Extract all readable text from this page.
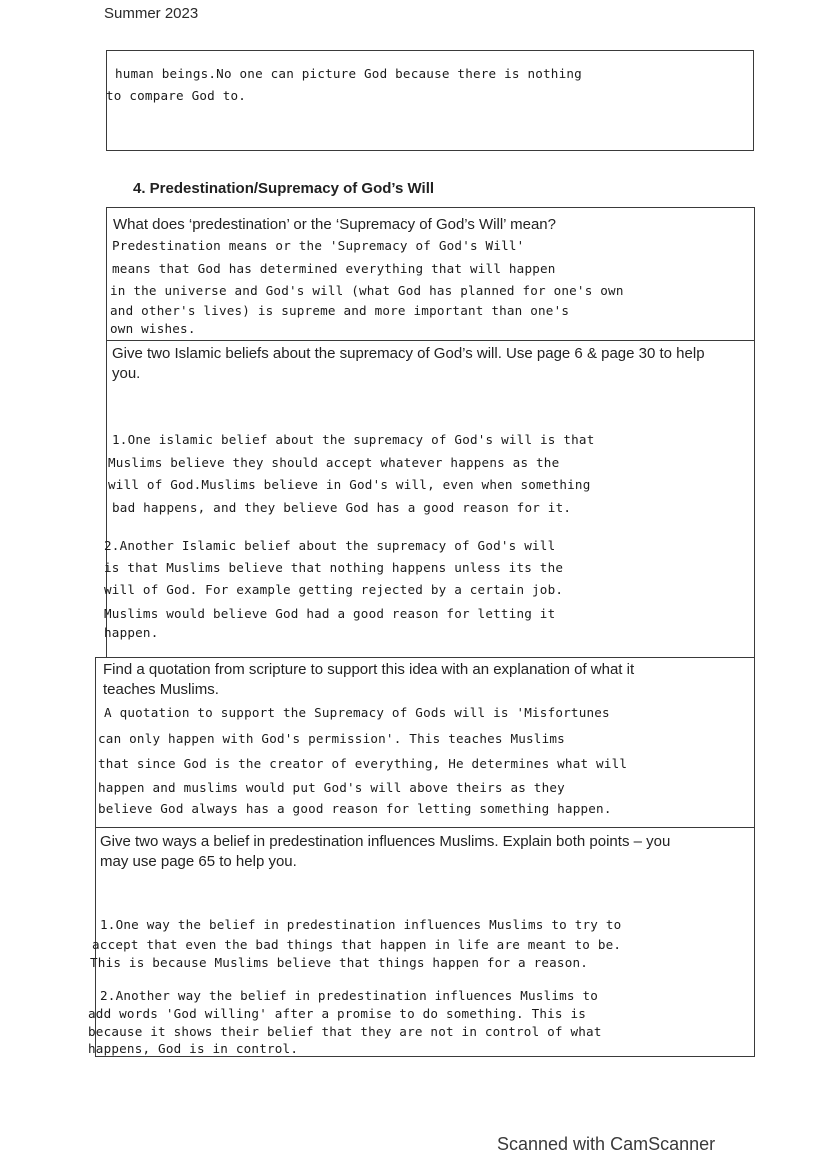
Summer 2023
human beings.No one can picture God because there is nothing
to compare God to.
4. Predestination/Supremacy of God’s Will
What does ‘predestination’ or the ‘Supremacy of God’s Will’ mean?
Predestination means or the 'Supremacy of God's Will'
means that God has determined everything that will happen
in the universe and God's will (what God has planned for one's own
and other's lives) is supreme and more important than one's
own wishes.
Give two Islamic beliefs about the supremacy of God’s will. Use page 6 & page 30 to help
you.
1.One islamic belief about the supremacy of God's will is that
Muslims believe they should accept whatever happens as the
will of God.Muslims believe in God's will, even when something
bad happens, and they believe God has a good reason for it.
2.Another Islamic belief about the supremacy of God's will
is that Muslims believe that nothing happens unless its the
will of God. For example getting rejected by a certain job.
Muslims would believe God had a good reason for letting it
happen.
Find a quotation from scripture to support this idea with an explanation of what it
teaches Muslims.
A quotation to support the Supremacy of Gods will is 'Misfortunes
can only happen with God's permission'. This teaches Muslims
that since God is the creator of everything, He determines what will
happen and muslims would put God's will above theirs as they
believe God always has a good reason for letting something happen.
Give two ways a belief in predestination influences Muslims. Explain both points – you
may use page 65 to help you.
1.One way the belief in predestination influences Muslims to try to
accept that even the bad things that happen in life are meant to be.
This is because Muslims believe that things happen for a reason.
2.Another way the belief in predestination influences Muslims to
add words 'God willing' after a promise to do something. This is
because it shows their belief that they are not in control of what
happens, God is in control.
Scanned with CamScanner
